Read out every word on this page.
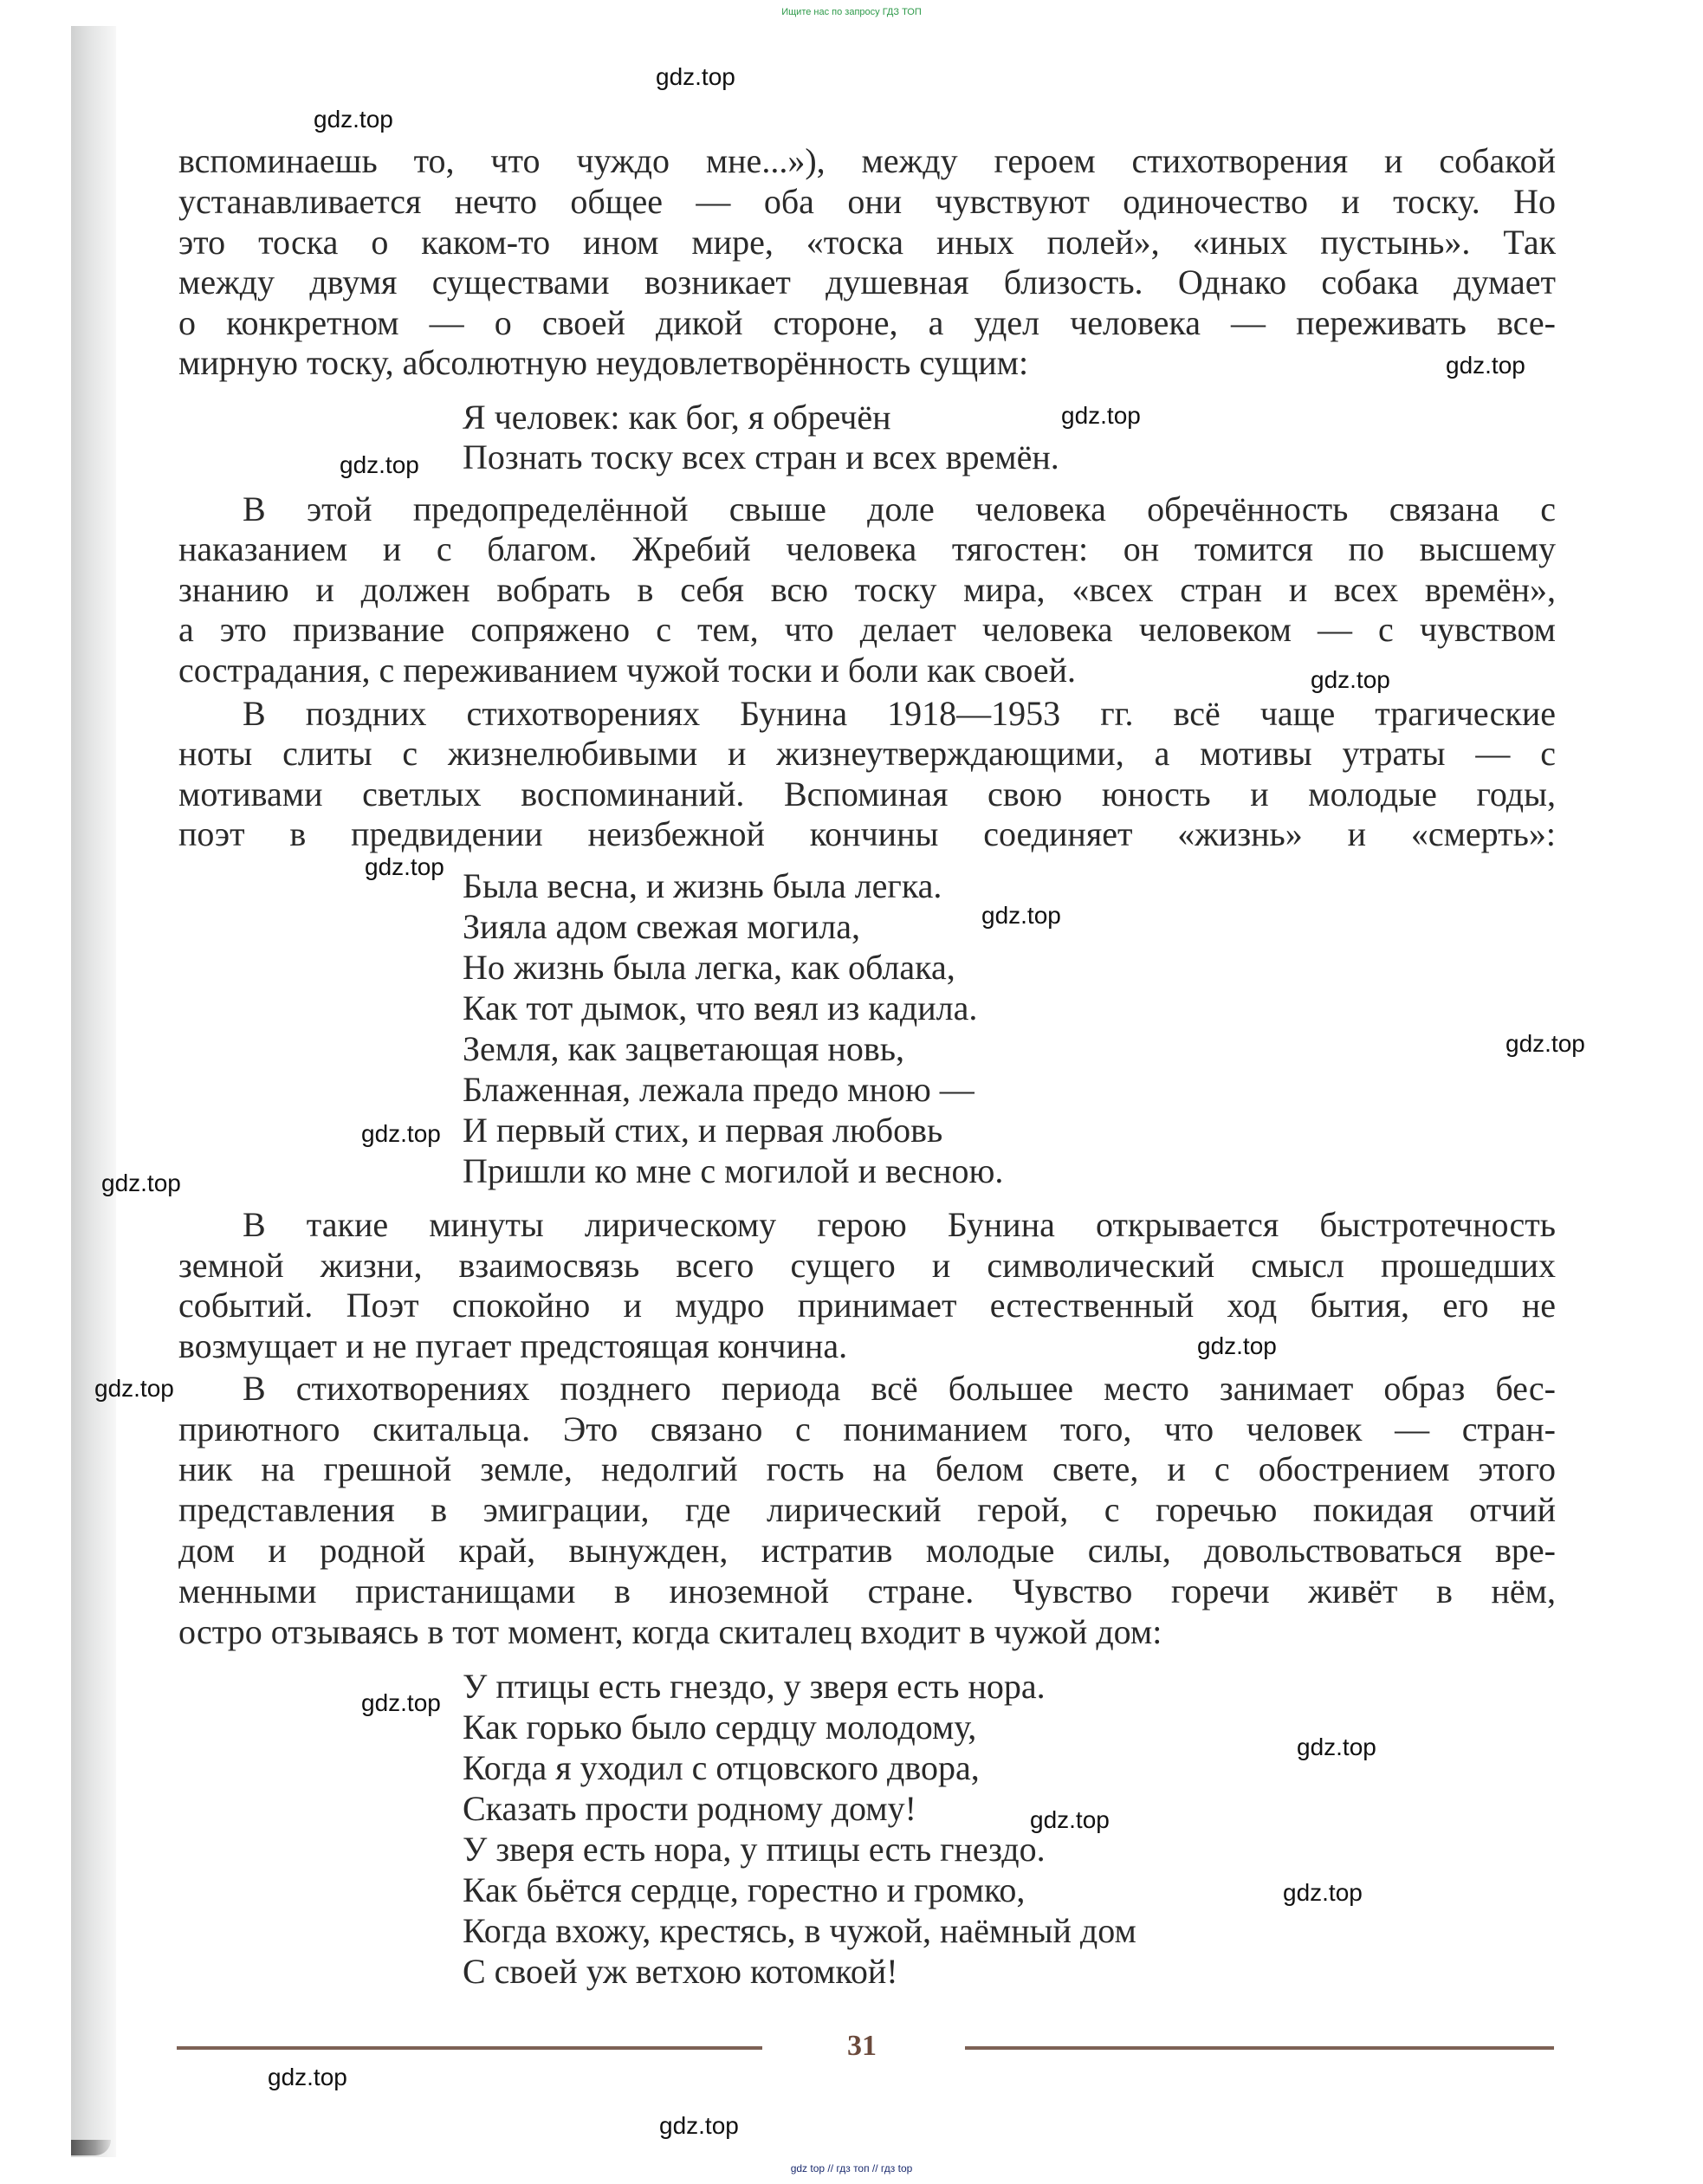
Ищите нас по запросу ГДЗ ТОП
вспоминаешь то, что чуждо мне...»), между героем стихотворения и собакой
устанавливается нечто общее — оба они чувствуют одиночество и тоску. Но
это тоска о каком-то ином мире, «тоска иных полей», «иных пустынь». Так
между двумя существами возникает душевная близость. Однако собака думает
о конкретном — о своей дикой стороне, а удел человека — переживать все-
мирную тоску, абсолютную неудовлетворённость сущим:
Я человек: как бог, я обречён
Познать тоску всех стран и всех времён.
В этой предопределённой свыше доле человека обречённость связана с
наказанием и с благом. Жребий человека тягостен: он томится по высшему
знанию и должен вобрать в себя всю тоску мира, «всех стран и всех времён»,
а это призвание сопряжено с тем, что делает человека человеком — с чувством
сострадания, с переживанием чужой тоски и боли как своей.
В поздних стихотворениях Бунина 1918—1953 гг. всё чаще трагические
ноты слиты с жизнелюбивыми и жизнеутверждающими, а мотивы утраты — с
мотивами светлых воспоминаний. Вспоминая свою юность и молодые годы,
поэт в предвидении неизбежной кончины соединяет «жизнь» и «смерть»:
Была весна, и жизнь была легка.
Зияла адом свежая могила,
Но жизнь была легка, как облака,
Как тот дымок, что веял из кадила.
Земля, как зацветающая новь,
Блаженная, лежала предо мною —
И первый стих, и первая любовь
Пришли ко мне с могилой и весною.
В такие минуты лирическому герою Бунина открывается быстротечность
земной жизни, взаимосвязь всего сущего и символический смысл прошедших
событий. Поэт спокойно и мудро принимает естественный ход бытия, его не
возмущает и не пугает предстоящая кончина.
В стихотворениях позднего периода всё большее место занимает образ бес-
приютного скитальца. Это связано с пониманием того, что человек — стран-
ник на грешной земле, недолгий гость на белом свете, и с обострением этого
представления в эмиграции, где лирический герой, с горечью покидая отчий
дом и родной край, вынужден, истратив молодые силы, довольствоваться вре-
менными пристанищами в иноземной стране. Чувство горечи живёт в нём,
остро отзываясь в тот момент, когда скиталец входит в чужой дом:
У птицы есть гнездо, у зверя есть нора.
Как горько было сердцу молодому,
Когда я уходил с отцовского двора,
Сказать прости родному дому!
У зверя есть нора, у птицы есть гнездо.
Как бьётся сердце, горестно и громко,
Когда вхожу, крестясь, в чужой, наёмный дом
С своей уж ветхою котомкой!
31
gdz.top
gdz.top
gdz.top
gdz.top
gdz.top
gdz.top
gdz.top
gdz.top
gdz.top
gdz.top
gdz.top
gdz.top
gdz.top
gdz.top
gdz.top
gdz.top
gdz.top
gdz.top
gdz.top
gdz top // гдз топ // гдз top
